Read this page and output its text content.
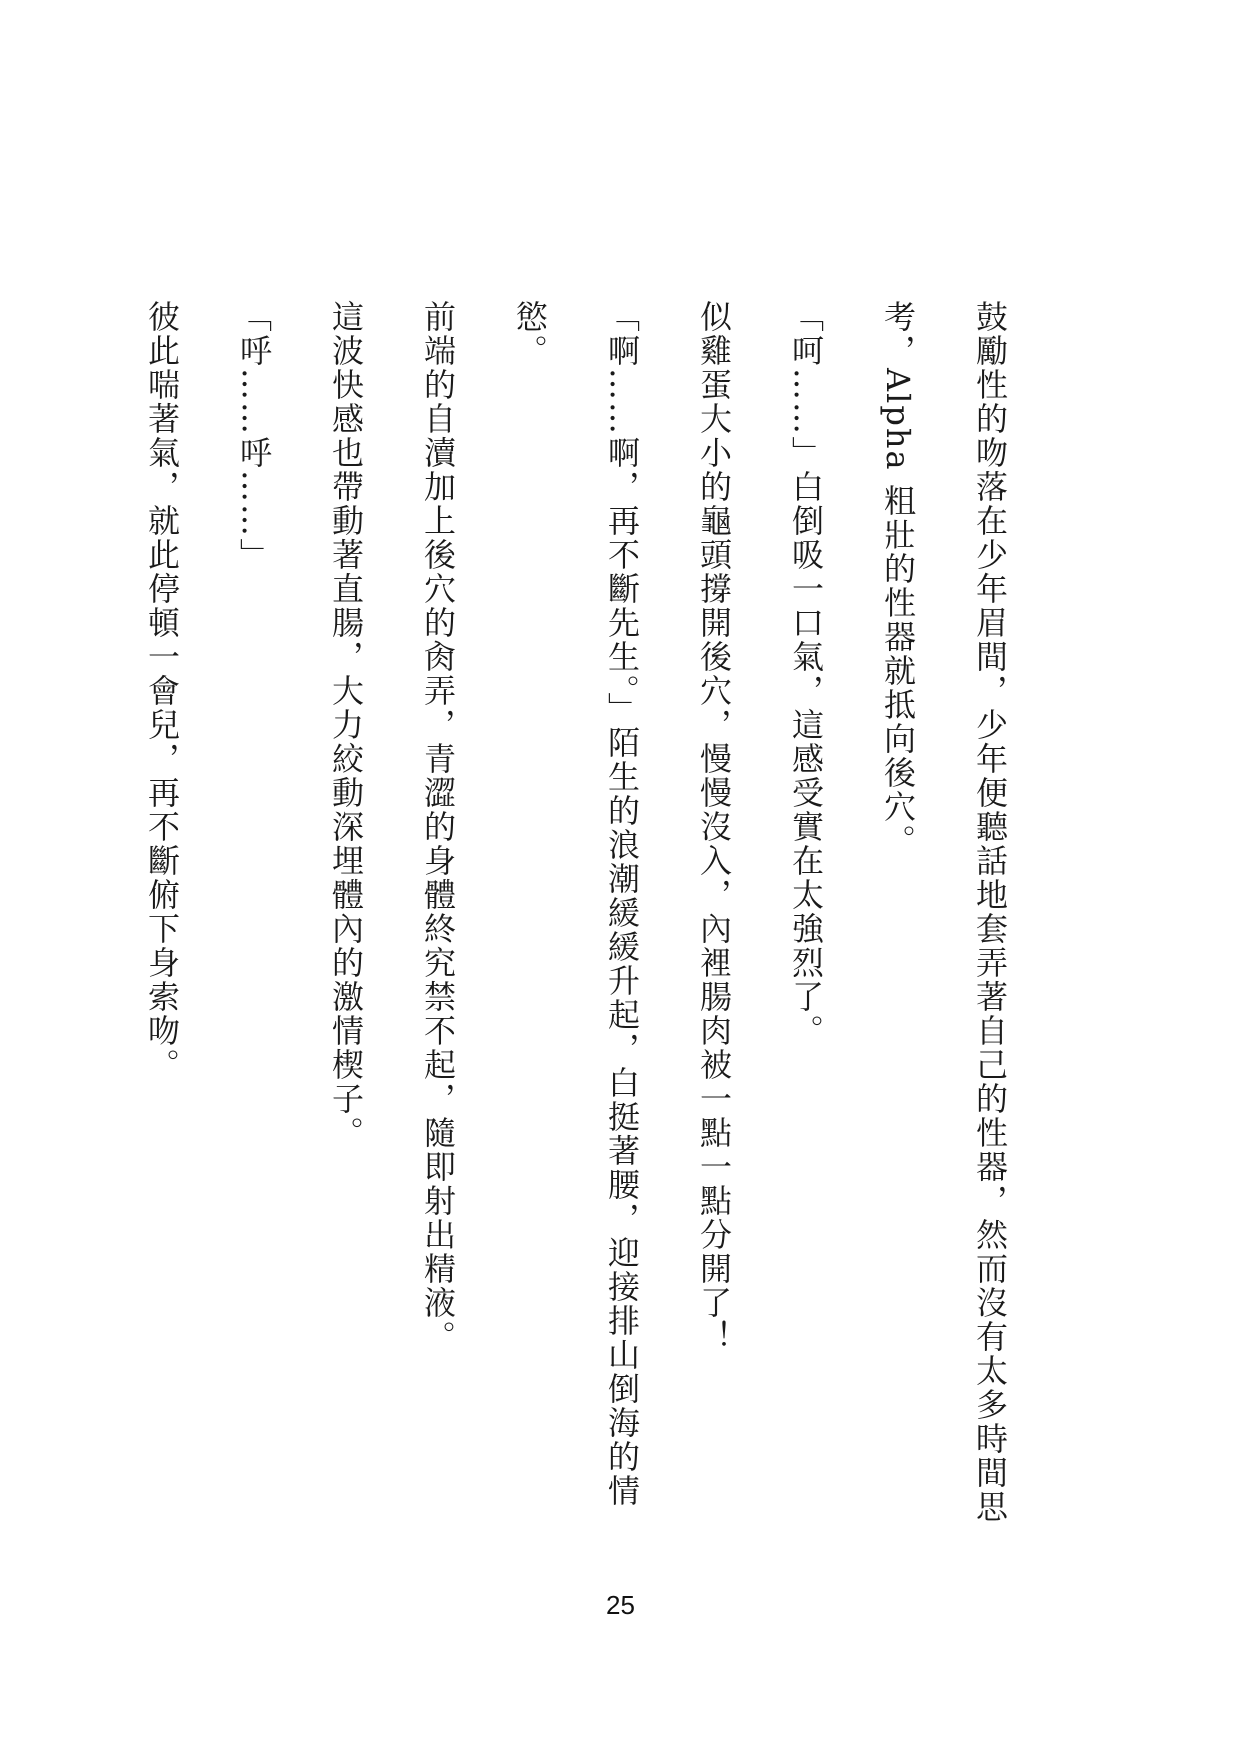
鼓勵性的吻落在少年眉間，少年便聽話地套弄著自己的性器，然而沒有太多時間思考，Alpha 粗壯的性器就抵向後穴。

「呵……」白倒吸一口氣，這感受實在太強烈了。

似雞蛋大小的龜頭撐開後穴，慢慢沒入，內裡腸肉被一點一點分開了！

「啊……啊，再不斷先生。」陌生的浪潮緩緩升起，白挺著腰，迎接排山倒海的情慾。

前端的自瀆加上後穴的肏弄，青澀的身體終究禁不起，隨即射出精液。

這波快感也帶動著直腸，大力絞動深埋體內的激情楔子。

「呼……呼……」

彼此喘著氣，就此停頓一會兒，再不斷俯下身索吻。

25
